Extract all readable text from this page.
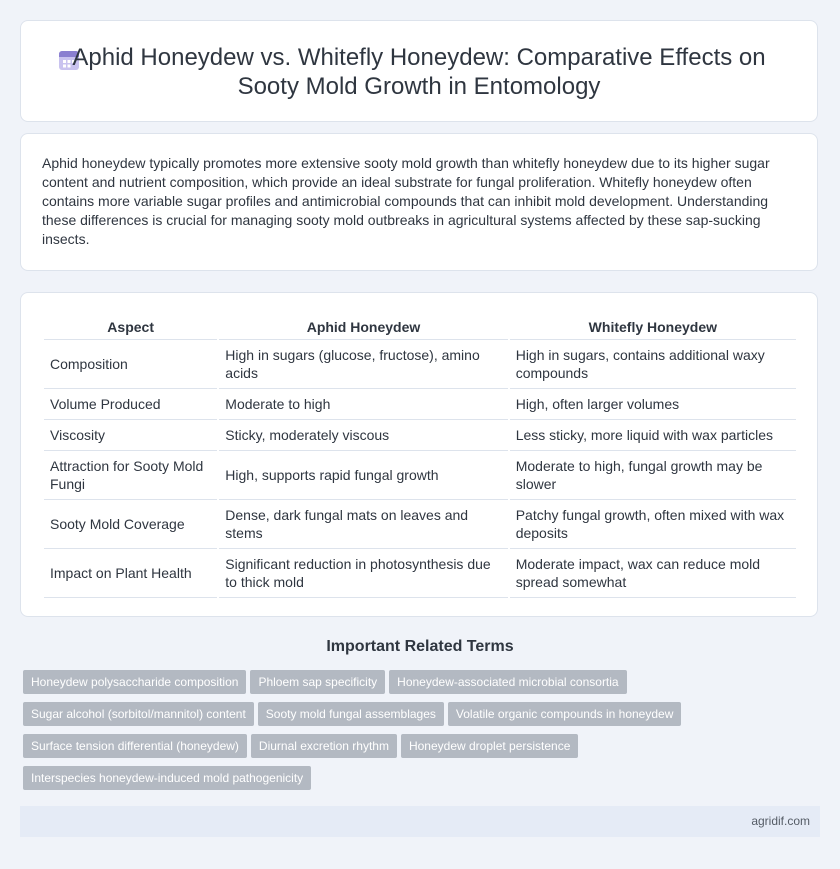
Aphid Honeydew vs. Whitefly Honeydew: Comparative Effects on Sooty Mold Growth in Entomology

Aphid honeydew typically promotes more extensive sooty mold growth than whitefly honeydew due to its higher sugar content and nutrient composition, which provide an ideal substrate for fungal proliferation. Whitefly honeydew often contains more variable sugar profiles and antimicrobial compounds that can inhibit mold development. Understanding these differences is crucial for managing sooty mold outbreaks in agricultural systems affected by these sap-sucking insects.

Aspect	Aphid Honeydew	Whitefly Honeydew
Composition	High in sugars (glucose, fructose), amino acids	High in sugars, contains additional waxy compounds
Volume Produced	Moderate to high	High, often larger volumes
Viscosity	Sticky, moderately viscous	Less sticky, more liquid with wax particles
Attraction for Sooty Mold Fungi	High, supports rapid fungal growth	Moderate to high, fungal growth may be slower
Sooty Mold Coverage	Dense, dark fungal mats on leaves and stems	Patchy fungal growth, often mixed with wax deposits
Impact on Plant Health	Significant reduction in photosynthesis due to thick mold	Moderate impact, wax can reduce mold spread somewhat
Important Related Terms
Honeydew polysaccharide composition Phloem sap specificity Honeydew-associated microbial consortia
Sugar alcohol (sorbitol/mannitol) content Sooty mold fungal assemblages Volatile organic compounds in honeydew
Surface tension differential (honeydew) Diurnal excretion rhythm Honeydew droplet persistence
Interspecies honeydew-induced mold pathogenicity
agridif.com
